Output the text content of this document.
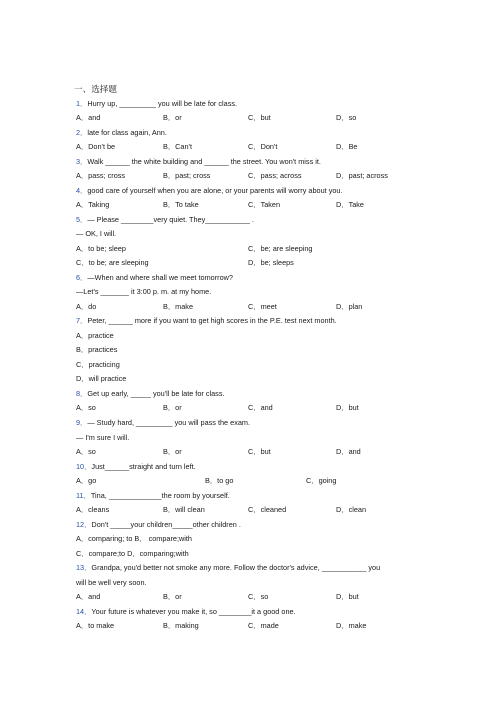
一、选择题
1．Hurry up, _________ you will be late for class.
A．and	B．or	C．but	D．so
2．late for class again, Ann.
A．Don't be	B．Can't	C．Don't	D．Be
3．Walk ______ the white building and ______ the street. You won't miss it.
A．pass; cross	B．past; cross	C．pass; across	D．past; across
4．good care of yourself when you are alone, or your parents will worry about you.
A．Taking	B．To take	C．Taken	D．Take
5．— Please ________very quiet. They___________ .
— OK, I will.
A．to be; sleep	C．be; are sleeping
C．to be; are sleeping	D．be; sleeps
6．—When and where shall we meet tomorrow?
—Let's _______ it 3:00 p. m. at my home.
A．do	B．make	C．meet	D．plan
7．Peter, ______ more if you want to get high scores in the P.E. test next month.
A．practice
B．practices
C．practicing
D．will practice
8．Get up early, _____ you'll be late for class.
A．so	B．or	C．and	D．but
9．— Study hard, _________ you will pass the exam.
— I'm sure I will.
A．so	B．or	C．but	D．and
10．Just______straight and turn left.
A．go	B．to go	C．going
11．Tina, _____________the room by yourself.
A．cleans	B．will clean	C．cleaned	D．clean
12．Don't _____your children_____other children .
A．comparing; to B． compare;with
C．compare;to D．comparing;with
13．Grandpa, you'd better not smoke any more. Follow the doctor's advice, ___________ you
will be well very soon.
A．and	B．or	C．so	D．but
14．Your future is whatever you make it, so ________it a good one.
A．to make	B．making	C．made	D．make
